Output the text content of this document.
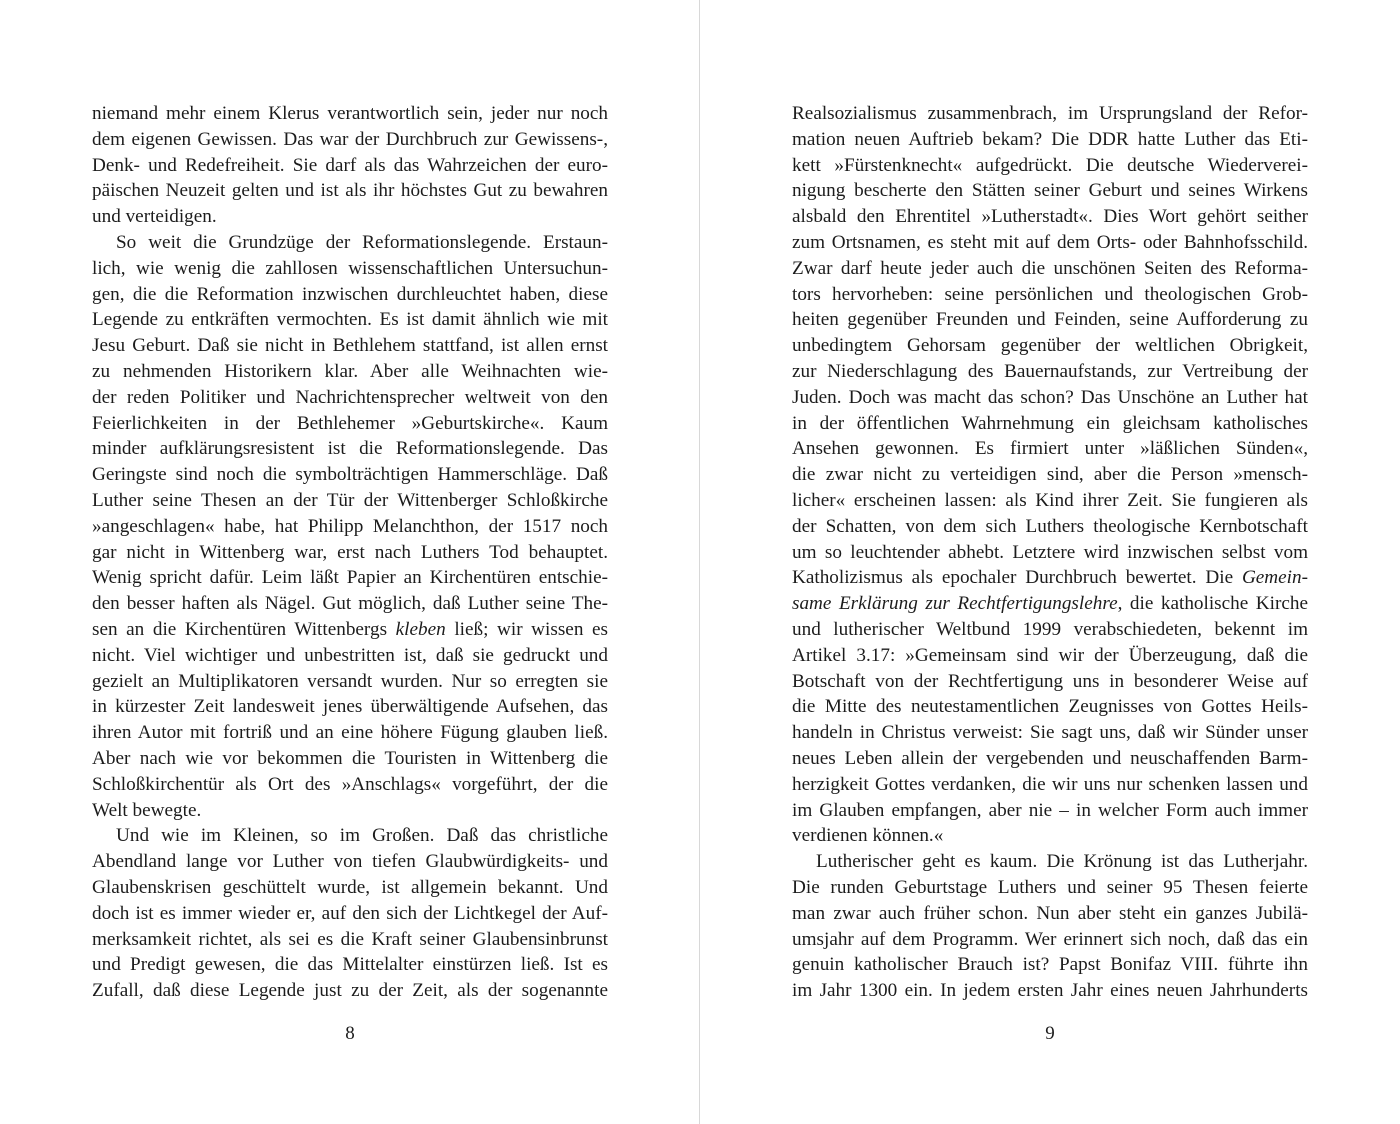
niemand mehr einem Klerus verantwortlich sein, jeder nur noch
dem eigenen Gewissen. Das war der Durchbruch zur Gewissens-,
Denk- und Redefreiheit. Sie darf als das Wahrzeichen der euro-
päischen Neuzeit gelten und ist als ihr höchstes Gut zu bewahren
und verteidigen.
So weit die Grundzüge der Reformationslegende. Erstaun-
lich, wie wenig die zahllosen wissenschaftlichen Untersuchun-
gen, die die Reformation inzwischen durchleuchtet haben, diese
Legende zu entkräften vermochten. Es ist damit ähnlich wie mit
Jesu Geburt. Daß sie nicht in Bethlehem stattfand, ist allen ernst
zu nehmenden Historikern klar. Aber alle Weihnachten wie-
der reden Politiker und Nachrichtensprecher weltweit von den
Feierlichkeiten in der Bethlehemer »Geburtskirche«. Kaum
minder aufklärungsresistent ist die Reformationslegende. Das
Geringste sind noch die symbolträchtigen Hammerschläge. Daß
Luther seine Thesen an der Tür der Wittenberger Schloßkirche
»angeschlagen« habe, hat Philipp Melanchthon, der 1517 noch
gar nicht in Wittenberg war, erst nach Luthers Tod behauptet.
Wenig spricht dafür. Leim läßt Papier an Kirchentüren entschie-
den besser haften als Nägel. Gut möglich, daß Luther seine The-
sen an die Kirchentüren Wittenbergs kleben ließ; wir wissen es
nicht. Viel wichtiger und unbestritten ist, daß sie gedruckt und
gezielt an Multiplikatoren versandt wurden. Nur so erregten sie
in kürzester Zeit landesweit jenes überwältigende Aufsehen, das
ihren Autor mit fortriß und an eine höhere Fügung glauben ließ.
Aber nach wie vor bekommen die Touristen in Wittenberg die
Schloßkirchentür als Ort des »Anschlags« vorgeführt, der die
Welt bewegte.
Und wie im Kleinen, so im Großen. Daß das christliche
Abendland lange vor Luther von tiefen Glaubwürdigkeits- und
Glaubenskrisen geschüttelt wurde, ist allgemein bekannt. Und
doch ist es immer wieder er, auf den sich der Lichtkegel der Auf-
merksamkeit richtet, als sei es die Kraft seiner Glaubensinbrunst
und Predigt gewesen, die das Mittelalter einstürzen ließ. Ist es
Zufall, daß diese Legende just zu der Zeit, als der sogenannte
8
Realsozialismus zusammenbrach, im Ursprungsland der Refor-
mation neuen Auftrieb bekam? Die DDR hatte Luther das Eti-
kett »Fürstenknecht« aufgedrückt. Die deutsche Wiederverei-
nigung bescherte den Stätten seiner Geburt und seines Wirkens
alsbald den Ehrentitel »Lutherstadt«. Dies Wort gehört seither
zum Ortsnamen, es steht mit auf dem Orts- oder Bahnhofsschild.
Zwar darf heute jeder auch die unschönen Seiten des Reforma-
tors hervorheben: seine persönlichen und theologischen Grob-
heiten gegenüber Freunden und Feinden, seine Aufforderung zu
unbedingtem Gehorsam gegenüber der weltlichen Obrigkeit,
zur Niederschlagung des Bauernaufstands, zur Vertreibung der
Juden. Doch was macht das schon? Das Unschöne an Luther hat
in der öffentlichen Wahrnehmung ein gleichsam katholisches
Ansehen gewonnen. Es firmiert unter »läßlichen Sünden«,
die zwar nicht zu verteidigen sind, aber die Person »mensch-
licher« erscheinen lassen: als Kind ihrer Zeit. Sie fungieren als
der Schatten, von dem sich Luthers theologische Kernbotschaft
um so leuchtender abhebt. Letztere wird inzwischen selbst vom
Katholizismus als epochaler Durchbruch bewertet. Die Gemein-
same Erklärung zur Rechtfertigungslehre, die katholische Kirche
und lutherischer Weltbund 1999 verabschiedeten, bekennt im
Artikel 3.17: »Gemeinsam sind wir der Überzeugung, daß die
Botschaft von der Rechtfertigung uns in besonderer Weise auf
die Mitte des neutestamentlichen Zeugnisses von Gottes Heils-
handeln in Christus verweist: Sie sagt uns, daß wir Sünder unser
neues Leben allein der vergebenden und neuschaffenden Barm-
herzigkeit Gottes verdanken, die wir uns nur schenken lassen und
im Glauben empfangen, aber nie – in welcher Form auch immer
verdienen können.«
Lutherischer geht es kaum. Die Krönung ist das Lutherjahr.
Die runden Geburtstage Luthers und seiner 95 Thesen feierte
man zwar auch früher schon. Nun aber steht ein ganzes Jubilä-
umsjahr auf dem Programm. Wer erinnert sich noch, daß das ein
genuin katholischer Brauch ist? Papst Bonifaz VIII. führte ihn
im Jahr 1300 ein. In jedem ersten Jahr eines neuen Jahrhunderts
9
